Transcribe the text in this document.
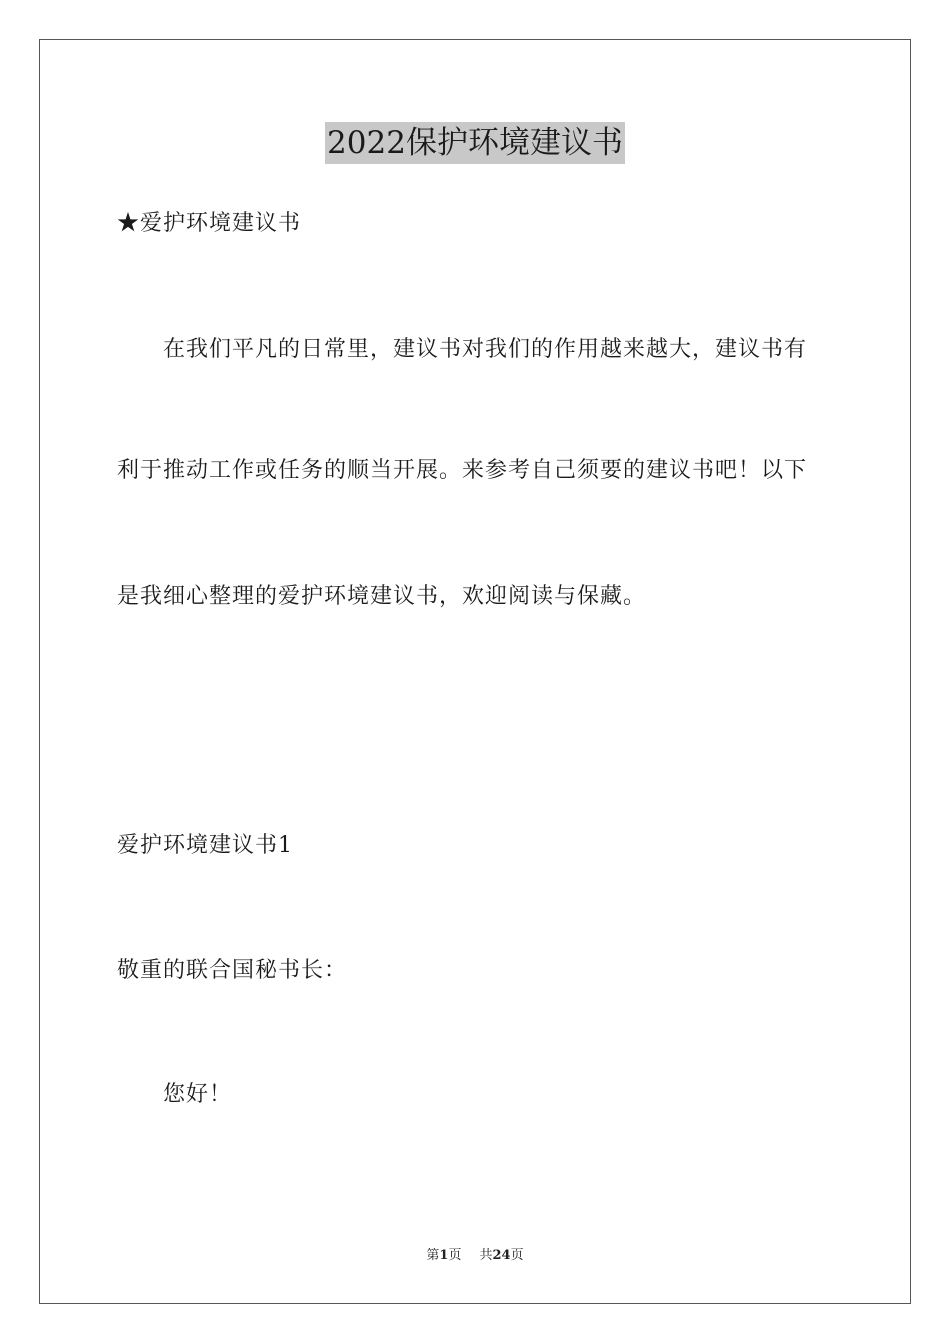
2022保护环境建议书
★爱护环境建议书
在我们平凡的日常里，建议书对我们的作用越来越大，建议书有
利于推动工作或任务的顺当开展。来参考自己须要的建议书吧！以下
是我细心整理的爱护环境建议书，欢迎阅读与保藏。
爱护环境建议书1
敬重的联合国秘书长：
您好！
第1页 共24页
